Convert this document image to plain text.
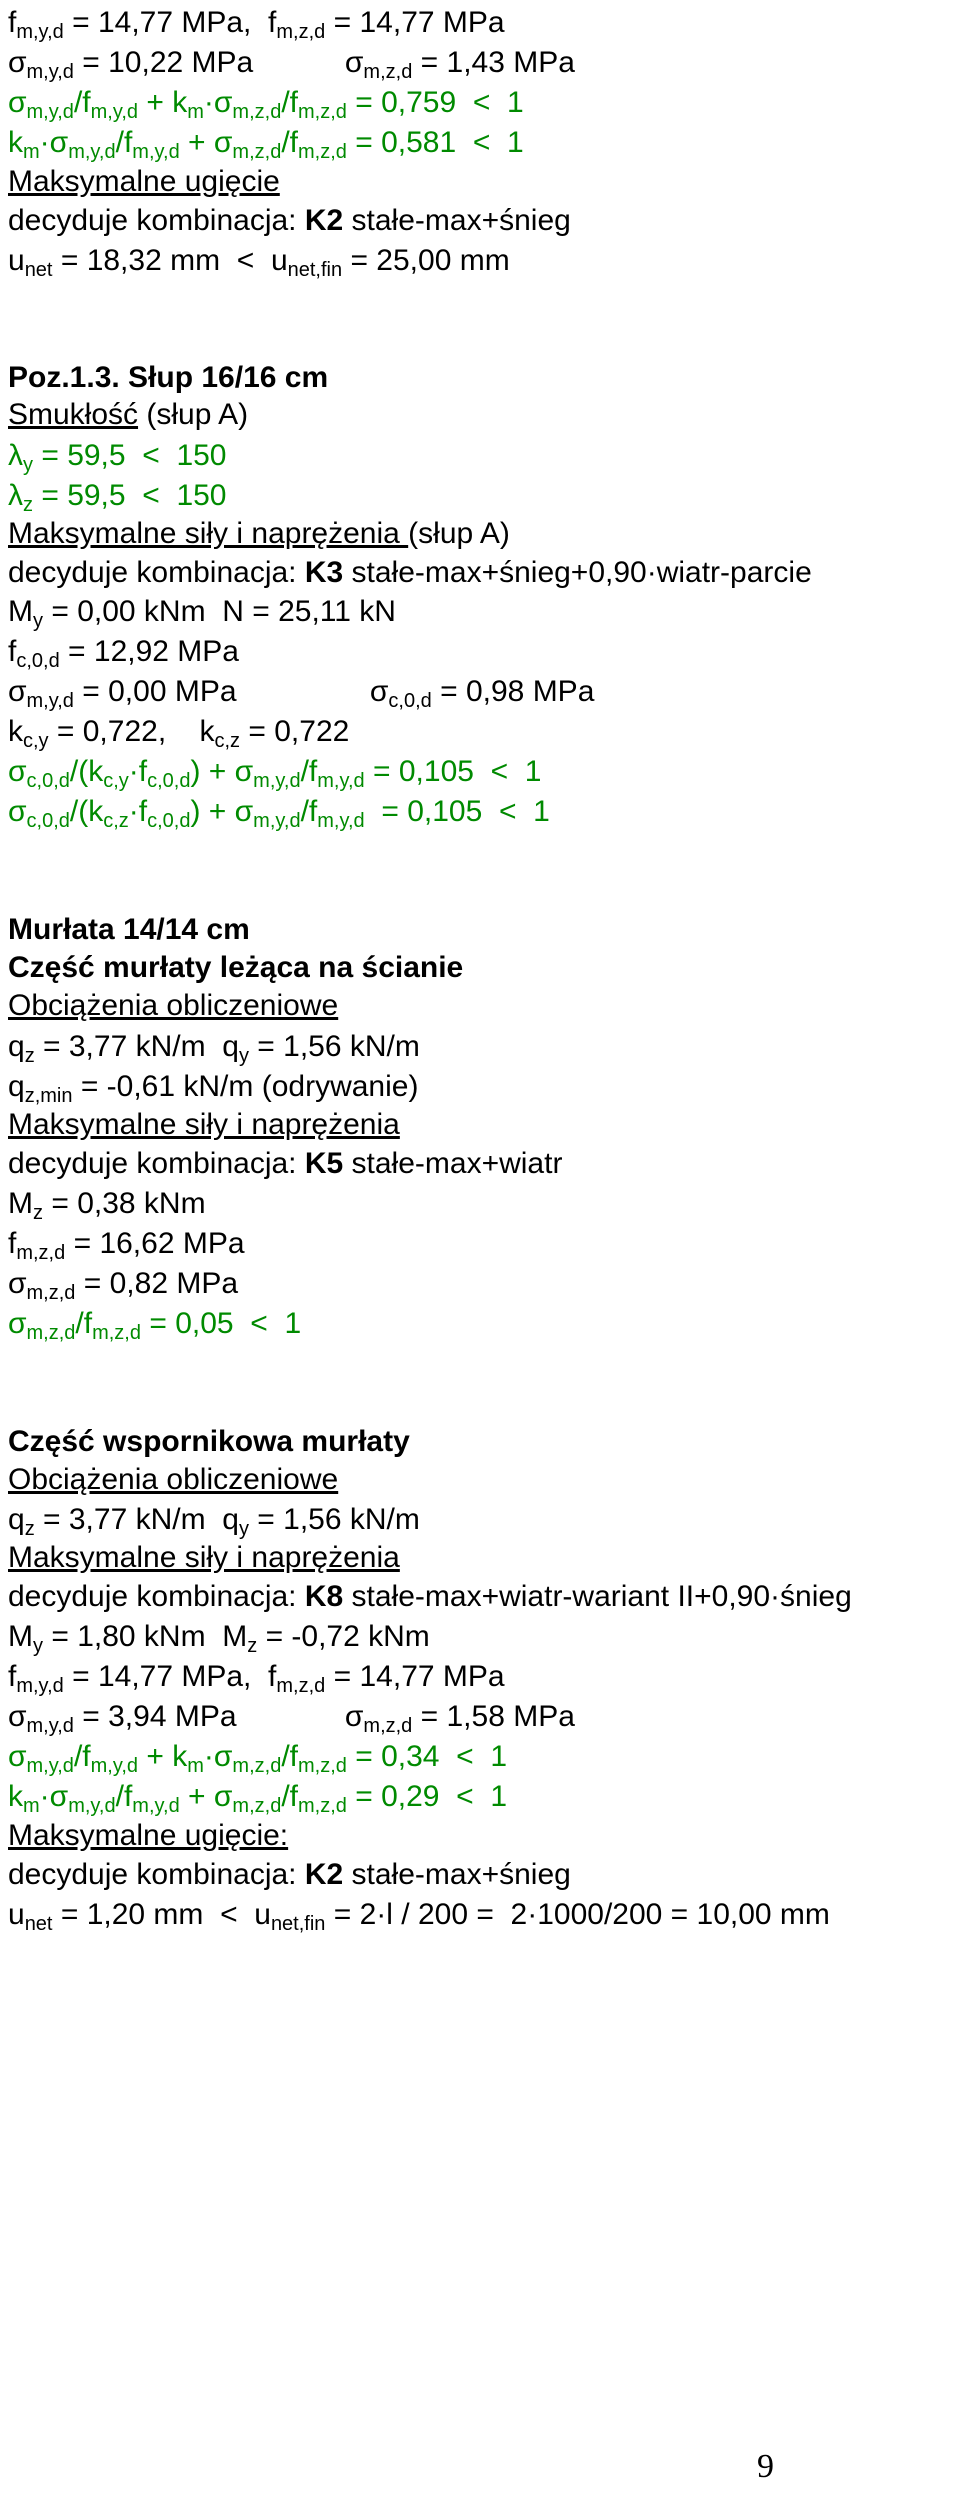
$f_{m,y,d} = 14,77$ MPa,  $f_{m,z,d} = 14,77$ MPa
$\sigma_{m,y,d} = 10,22$ MPa           $\sigma_{m,z,d} = 1,43$ MPa
$\sigma_{m,y,d}/f_{m,y,d} + k_m\cdot\sigma_{m,z,d}/f_{m,z,d} = 0,759 < 1$
$k_m\cdot\sigma_{m,y,d}/f_{m,y,d} + \sigma_{m,z,d}/f_{m,z,d} = 0,581 < 1$
Maksymalne ugięcie
decyduje kombinacja: K2 stałe-max+śnieg
$u_{net} = 18,32$ mm  <  $u_{net,fin} = 25,00$ mm
Poz.1.3. Słup 16/16 cm
Smukłość (słup A)
$\lambda_y = 59,5 < 150$
$\lambda_z = 59,5 < 150$
Maksymalne siły i naprężenia (słup A)
decyduje kombinacja: K3 stałe-max+śnieg+0,90·wiatr-parcie
$M_y = 0,00$ kNm  N = 25,11 kN
$f_{c,0,d} = 12,92$ MPa
$\sigma_{m,y,d} = 0,00$ MPa                $\sigma_{c,0,d} = 0,98$ MPa
$k_{c,y} = 0,722$,    $k_{c,z} = 0,722$
$\sigma_{c,0,d}/(k_{c,y}\cdot f_{c,0,d}) + \sigma_{m,y,d}/f_{m,y,d} = 0,105 < 1$
$\sigma_{c,0,d}/(k_{c,z}\cdot f_{c,0,d}) + \sigma_{m,y,d}/f_{m,y,d} = 0,105 < 1$
Murłata 14/14 cm
Część murłaty leżąca na ścianie
Obciążenia obliczeniowe
$q_z = 3,77$ kN/m  $q_y = 1,56$ kN/m
$q_{z,min} = -0,61$ kN/m (odrywanie)
Maksymalne siły i naprężenia
decyduje kombinacja: K5 stałe-max+wiatr
$M_z = 0,38$ kNm
$f_{m,z,d} = 16,62$ MPa
$\sigma_{m,z,d} = 0,82$ MPa
$\sigma_{m,z,d}/f_{m,z,d} = 0,05 < 1$
Część wspornikowa murłaty
Obciążenia obliczeniowe
$q_z = 3,77$ kN/m  $q_y = 1,56$ kN/m
Maksymalne siły i naprężenia
decyduje kombinacja: K8 stałe-max+wiatr-wariant II+0,90·śnieg
$M_y = 1,80$ kNm  $M_z = -0,72$ kNm
$f_{m,y,d} = 14,77$ MPa,  $f_{m,z,d} = 14,77$ MPa
$\sigma_{m,y,d} = 3,94$ MPa             $\sigma_{m,z,d} = 1,58$ MPa
$\sigma_{m,y,d}/f_{m,y,d} + k_m\cdot\sigma_{m,z,d}/f_{m,z,d} = 0,34 < 1$
$k_m\cdot\sigma_{m,y,d}/f_{m,y,d} + \sigma_{m,z,d}/f_{m,z,d} = 0,29 < 1$
Maksymalne ugięcie:
decyduje kombinacja: K2 stałe-max+śnieg
$u_{net} = 1,20$ mm  <  $u_{net,fin} = 2\cdot l / 200 = 2\cdot 1000/200 = 10,00$ mm
9
